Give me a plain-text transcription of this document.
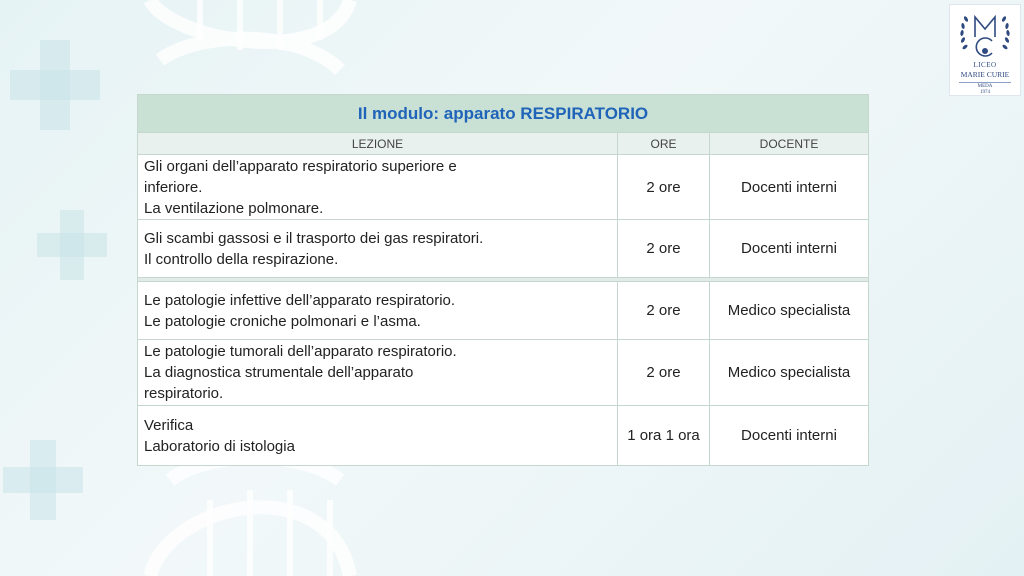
LICEO
MARIE CURIE
MEDA
1974
Il modulo: apparato RESPIRATORIO		
LEZIONE	ORE	DOCENTE

Gli organi dell’apparato respiratorio superiore e
inferiore.
La ventilazione polmonare.	2 ore	Docenti interni

Gli scambi gassosi e il trasporto dei gas respiratori.
Il controllo della respirazione.	2 ore	Docenti interni

Le patologie infettive dell’apparato respiratorio.
Le patologie croniche polmonari e l’asma.	2 ore	Medico specialista

Le patologie tumorali dell’apparato respiratorio.
La diagnostica strumentale dell’apparato
respiratorio.	2 ore	Medico specialista

Verifica
Laboratorio di istologia	1 ora 1 ora	Docenti interni
